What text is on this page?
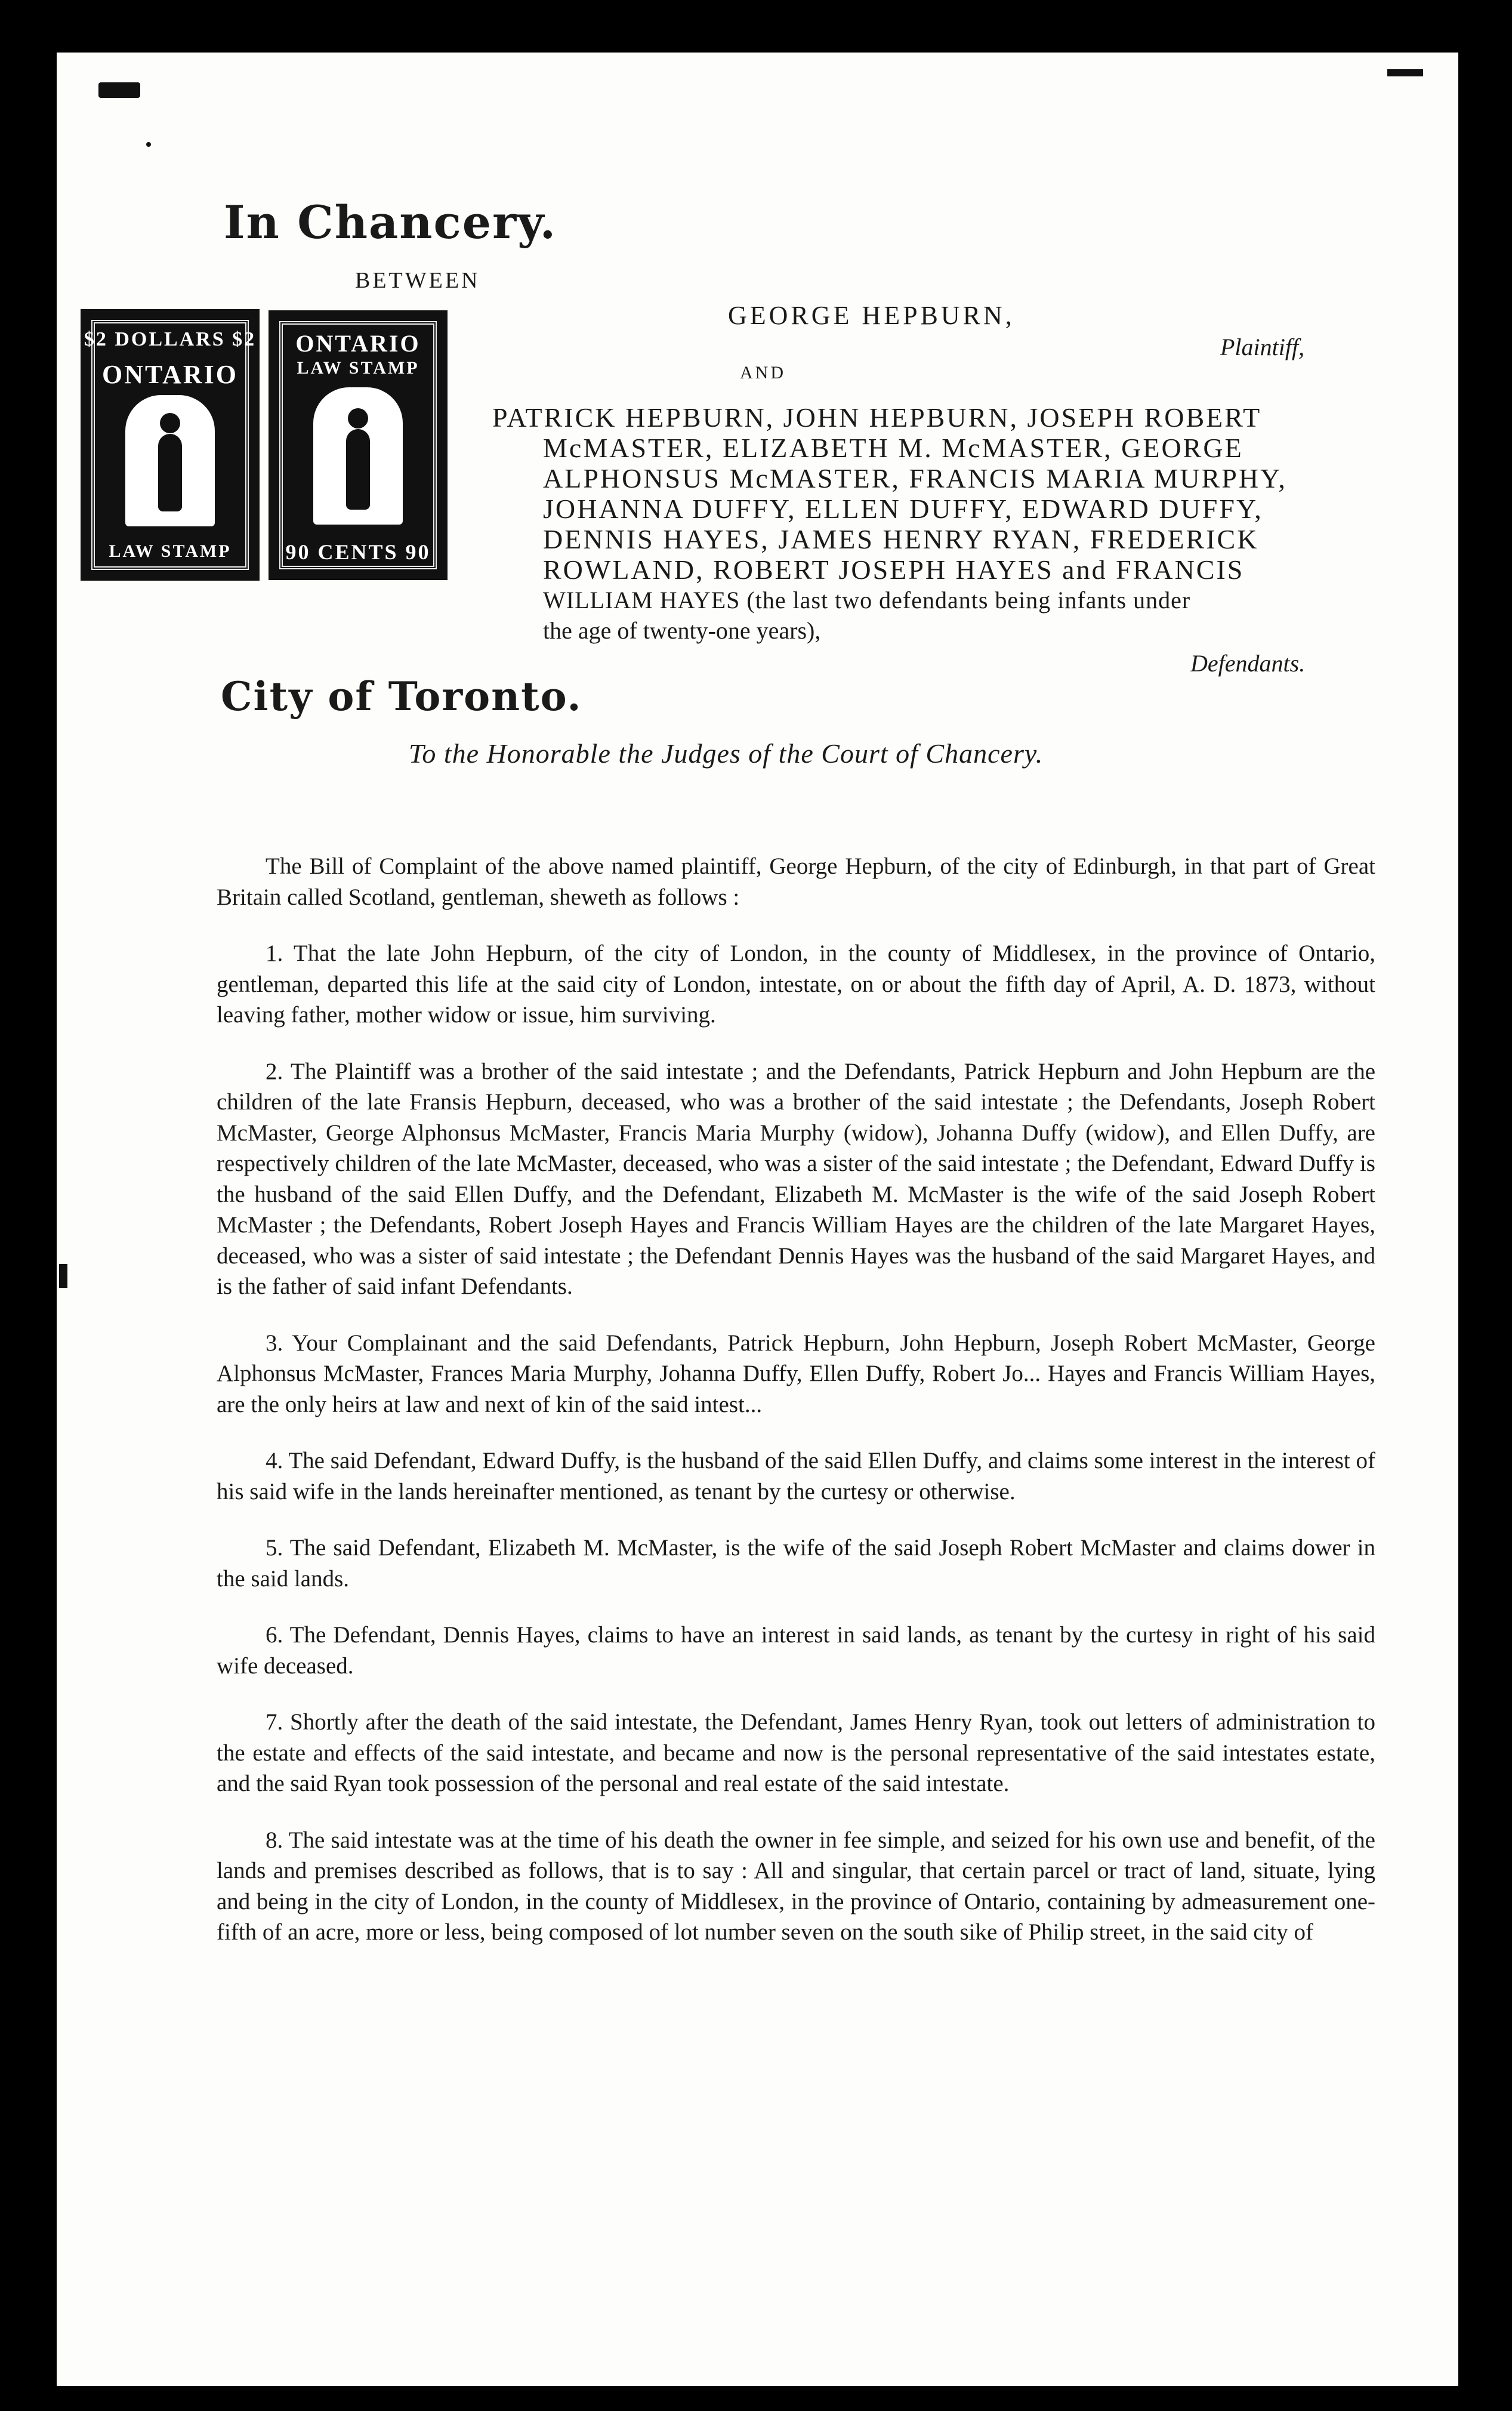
In Chancery.
BETWEEN
$2 DOLLARS $2
ONTARIO
LAW STAMP
ONTARIO
LAW STAMP
90 CENTS 90
GEORGE HEPBURN,
Plaintiff,
AND

PATRICK HEPBURN, JOHN HEPBURN, JOSEPH ROBERT

McMASTER, ELIZABETH M. McMASTER, GEORGE

ALPHONSUS McMASTER, FRANCIS MARIA MURPHY,

JOHANNA DUFFY, ELLEN DUFFY, EDWARD DUFFY,

DENNIS HAYES, JAMES HENRY RYAN, FREDERICK

ROWLAND, ROBERT JOSEPH HAYES and FRANCIS

WILLIAM HAYES (the last two defendants being infants under

the age of twenty-one years),

Defendants.
City of Toronto.
To the Honorable the Judges of the Court of Chancery.

The Bill of Complaint of the above named plaintiff, George Hepburn, of the city of Edinburgh, in that part of Great Britain called Scotland, gentleman, sheweth as follows :

1. That the late John Hepburn, of the city of London, in the county of Middlesex, in the province of Ontario, gentleman, departed this life at the said city of London, intestate, on or about the fifth day of April, A. D. 1873, without leaving father, mother widow or issue, him surviving.

2. The Plaintiff was a brother of the said intestate ; and the Defendants, Patrick Hepburn and John Hepburn are the children of the late Fransis Hepburn, deceased, who was a brother of the said intestate ; the Defendants, Joseph Robert McMaster, George Alphonsus McMaster, Francis Maria Murphy (widow), Johanna Duffy (widow), and Ellen Duffy, are respectively children of the late McMaster, deceased, who was a sister of the said intestate ; the Defendant, Edward Duffy is the husband of the said Ellen Duffy, and the Defendant, Elizabeth M. McMaster is the wife of the said Joseph Robert McMaster ; the Defendants, Robert Joseph Hayes and Francis William Hayes are the children of the late Margaret Hayes, deceased, who was a sister of said intestate ; the Defendant Dennis Hayes was the husband of the said Margaret Hayes, and is the father of said infant Defendants.

3. Your Complainant and the said Defendants, Patrick Hepburn, John Hepburn, Joseph Robert McMaster, George Alphonsus McMaster, Frances Maria Murphy, Johanna Duffy, Ellen Duffy, Robert Jo... Hayes and Francis William Hayes, are the only heirs at law and next of kin of the said intest...

4. The said Defendant, Edward Duffy, is the husband of the said Ellen Duffy, and claims some interest in the interest of his said wife in the lands hereinafter mentioned, as tenant by the curtesy or otherwise.

5. The said Defendant, Elizabeth M. McMaster, is the wife of the said Joseph Robert McMaster and claims dower in the said lands.

6. The Defendant, Dennis Hayes, claims to have an interest in said lands, as tenant by the curtesy in right of his said wife deceased.

7. Shortly after the death of the said intestate, the Defendant, James Henry Ryan, took out letters of administration to the estate and effects of the said intestate, and became and now is the personal representative of the said intestates estate, and the said Ryan took possession of the personal and real estate of the said intestate.

8. The said intestate was at the time of his death the owner in fee simple, and seized for his own use and benefit, of the lands and premises described as follows, that is to say : All and singular, that certain parcel or tract of land, situate, lying and being in the city of London, in the county of Middlesex, in the province of Ontario, containing by admeasurement one-fifth of an acre, more or less, being composed of lot number seven on the south sike of Philip street, in the said city of
